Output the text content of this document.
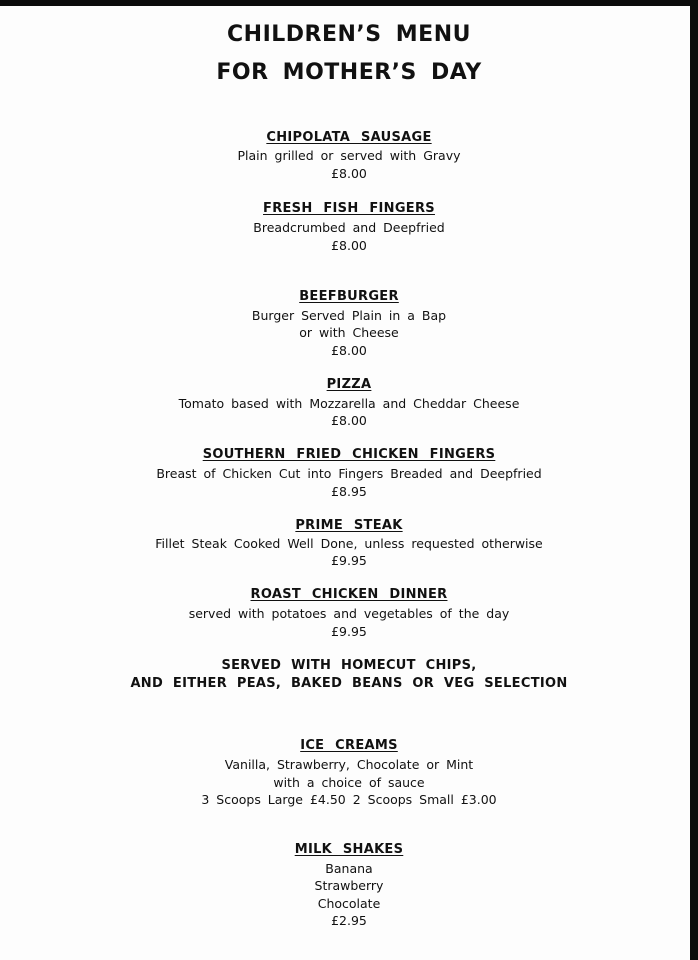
CHILDREN’S MENU
FOR MOTHER’S DAY
CHIPOLATA SAUSAGE
Plain grilled or served with Gravy
£8.00
FRESH FISH FINGERS
Breadcrumbed and Deepfried
£8.00
BEEFBURGER
Burger Served Plain in a Bap
or with Cheese
£8.00
PIZZA
Tomato based with Mozzarella and Cheddar Cheese
£8.00
SOUTHERN FRIED CHICKEN FINGERS
Breast of Chicken Cut into Fingers Breaded and Deepfried
£8.95
PRIME STEAK
Fillet Steak Cooked Well Done, unless requested otherwise
£9.95
ROAST CHICKEN DINNER
served with potatoes and vegetables of the day
£9.95
SERVED WITH HOMECUT CHIPS,
AND EITHER PEAS, BAKED BEANS OR VEG SELECTION
ICE CREAMS
Vanilla, Strawberry, Chocolate or Mint
with a choice of sauce
3 Scoops Large £4.50 2 Scoops Small £3.00
MILK SHAKES
Banana
Strawberry
Chocolate
£2.95
